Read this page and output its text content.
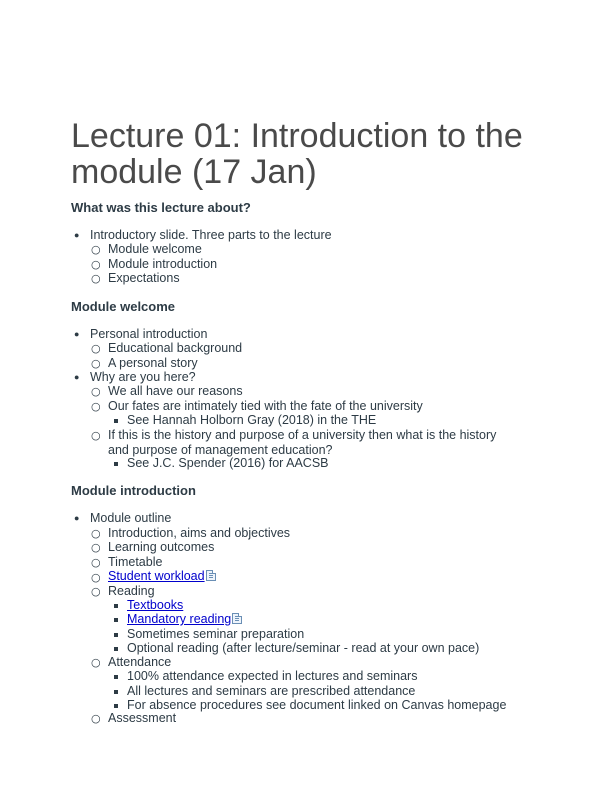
Lecture 01: Introduction to the module (17 Jan)
What was this lecture about?
● Introductory slide. Three parts to the lecture
○ Module welcome
○ Module introduction
○ Expectations
Module welcome
● Personal introduction
○ Educational background
○ A personal story
● Why are you here?
○ We all have our reasons
○ Our fates are intimately tied with the fate of the university
See Hannah Holborn Gray (2018) in the THE
○ If this is the history and purpose of a university then what is the history and purpose of management education?
See J.C. Spender (2016) for AACSB
Module introduction
● Module outline
○ Introduction, aims and objectives
○ Learning outcomes
○ Timetable
○ Student workload
○ Reading
Textbooks
Mandatory reading
Sometimes seminar preparation
Optional reading (after lecture/seminar - read at your own pace)
○ Attendance
100% attendance expected in lectures and seminars
All lectures and seminars are prescribed attendance
For absence procedures see document linked on Canvas homepage
○ Assessment
